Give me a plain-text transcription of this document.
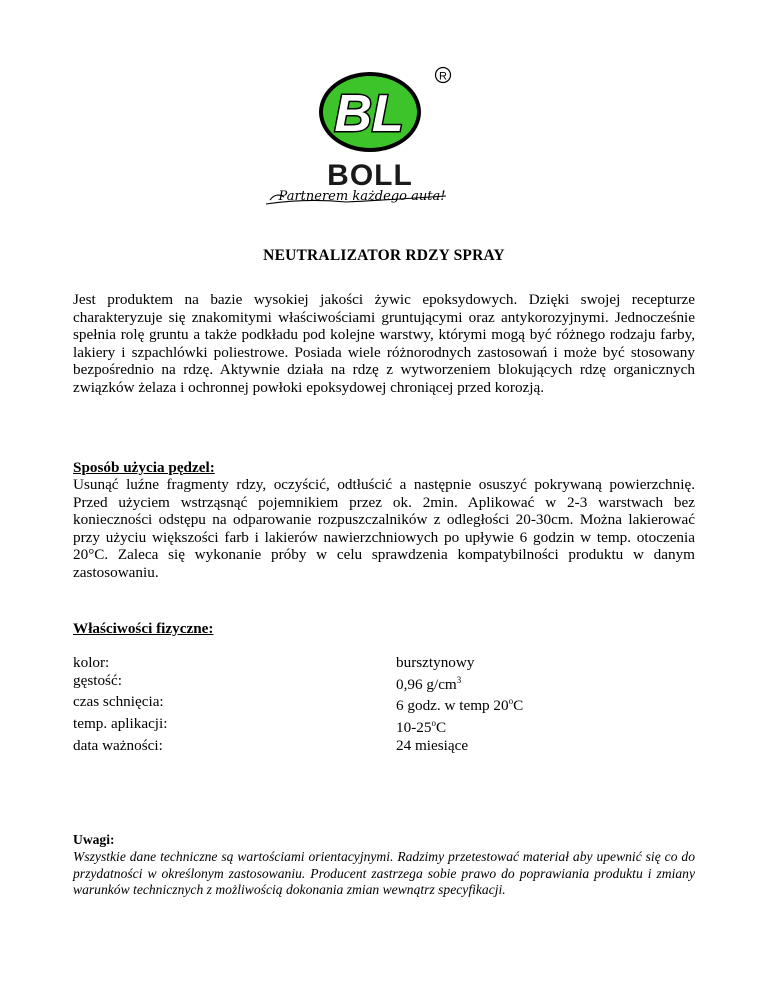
R
BL
BOLL
Partnerem każdego auta!
NEUTRALIZATOR RDZY SPRAY
Jest produktem na bazie wysokiej jakości żywic epoksydowych. Dzięki swojej recepturze charakteryzuje się znakomitymi właściwościami gruntującymi oraz antykorozyjnymi. Jednocześnie spełnia rolę gruntu a także podkładu pod kolejne warstwy, którymi mogą być różnego rodzaju farby, lakiery i szpachlówki poliestrowe. Posiada wiele różnorodnych zastosowań i może być stosowany bezpośrednio na rdzę. Aktywnie działa na rdzę z wytworzeniem blokujących rdzę organicznych związków żelaza i ochronnej powłoki epoksydowej chroniącej przed korozją.
Sposób użycia pędzel:
Usunąć luźne fragmenty rdzy, oczyścić, odtłuścić a następnie osuszyć pokrywaną powierzchnię. Przed użyciem wstrząsnąć pojemnikiem przez ok. 2min. Aplikować w 2-3 warstwach bez konieczności odstępu na odparowanie rozpuszczalników z odległości 20-30cm. Można lakierować przy użyciu większości farb i lakierów nawierzchniowych po upływie 6 godzin w temp. otoczenia 20°C. Zaleca się wykonanie próby w celu sprawdzenia kompatybilności produktu w danym zastosowaniu.
Właściwości fizyczne:
kolor:	bursztynowy
gęstość:	0,96 $g/cm^3$
czas schnięcia:	6 godz. w temp 20$^o$C
temp. aplikacji:	10-25$^o$C
data ważności:	24 miesiące
Uwagi:
Wszystkie dane techniczne są wartościami orientacyjnymi. Radzimy przetestować materiał aby upewnić się co do przydatności w określonym zastosowaniu. Producent zastrzega sobie prawo do poprawiania produktu i zmiany warunków technicznych z możliwością dokonania zmian wewnątrz specyfikacji.
